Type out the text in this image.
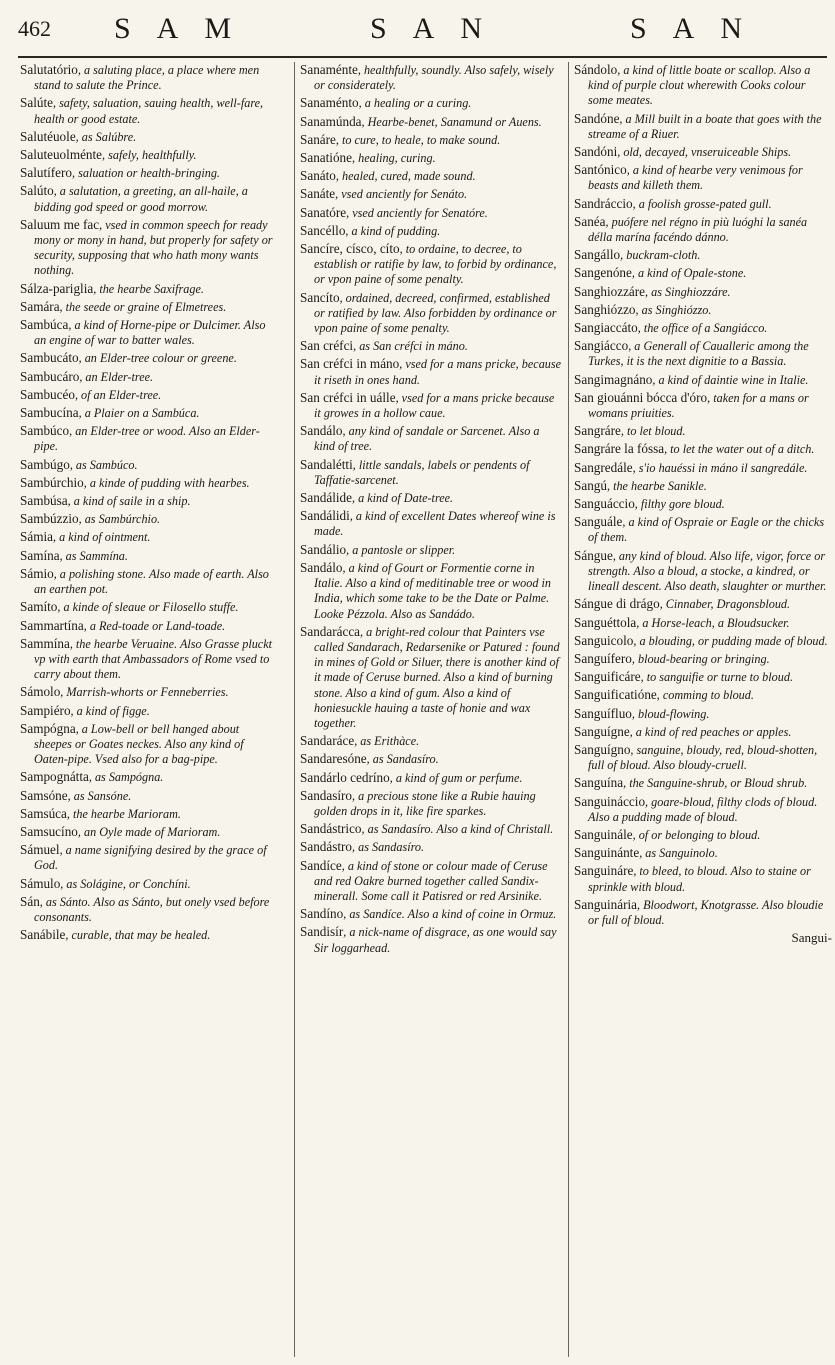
462 SAM	SAN	SAN
Salutatório, a saluting place, a place where men stand to salute the Prince.
Salúte, safety, saluation, sauing health, well-fare, health or good estate.
Salutéuole, as Salúbre.
Saluteuolménte, safely, healthfully.
Salutífero, saluation or health-bringing.
Salúto, a salutation, a greeting, an all-haile, a bidding god speed or good morrow.
Saluum me fac, vsed in common speech for ready mony or mony in hand, but properly for safety or security, supposing that who hath mony wants nothing.
Sálza-pariglia, the hearbe Saxifrage.
Samára, the seede or graine of Elmetrees.
Sambúca, a kind of Horne-pipe or Dulcimer. Also an engine of war to batter wales.
Sambucáto, an Elder-tree colour or greene.
Sambucáro, an Elder-tree.
Sambucéo, of an Elder-tree.
Sambucína, a Plaier on a Sambúca.
Sambúco, an Elder-tree or wood. Also an Elder-pipe.
Sambúgo, as Sambúco.
Sambúrchio, a kinde of pudding with hearbes.
Sambúsa, a kind of saile in a ship.
Sambúzzio, as Sambúrchio.
Sámia, a kind of ointment.
Samína, as Sammína.
Sámio, a polishing stone. Also made of earth. Also an earthen pot.
Samíto, a kinde of sleaue or Filosello stuffe.
Sammartína, a Red-toade or Land-toade.
Sammína, the hearbe Veruaine. Also Grasse pluckt vp with earth that Ambassadors of Rome vsed to carry about them.
Sámolo, Marrish-whorts or Fenneberries.
Sampiéro, a kind of figge.
Sampógna, a Low-bell or bell hanged about sheepes or Goates neckes. Also any kind of Oaten-pipe. Vsed also for a bag-pipe.
Sampognátta, as Sampógna.
Samsóne, as Sansóne.
Samsúca, the hearbe Marioram.
Samsucíno, an Oyle made of Marioram.
Sámuel, a name signifying desired by the grace of God.
Sámulo, as Solágine, or Conchíni.
Sán, as Sánto. Also as Sánto, but onely vsed before consonants.
Sanábile, curable, that may be healed.
Sanaménte, healthfully, soundly. Also safely, wisely or considerately.
Sanaménto, a healing or a curing.
Sanamúnda, Hearbe-benet, Sanamund or Auens.
Sanáre, to cure, to heale, to make sound.
Sanatióne, healing, curing.
Sanáto, healed, cured, made sound.
Sanáte, vsed anciently for Senáto.
Sanatóre, vsed anciently for Senatóre.
Sancéllo, a kind of pudding.
Sancíre, císco, cíto, to ordaine, to decree, to establish or ratifie by law, to forbid by ordinance, or vpon paine of some penalty.
Sancíto, ordained, decreed, confirmed, established or ratified by law. Also forbidden by ordinance or vpon paine of some penalty.
San créfci, as San créfci in máno.
San créfci in máno, vsed for a mans pricke, because it riseth in ones hand.
San créfci in uálle, vsed for a mans pricke because it growes in a hollow caue.
Sandálo, any kind of sandale or Sarcenet. Also a kind of tree.
Sandalétti, little sandals, labels or pendents of Taffatie-sarcenet.
Sandálide, a kind of Date-tree.
Sandálidi, a kind of excellent Dates whereof wine is made.
Sandálio, a pantosle or slipper.
Sandálo, a kind of Gourt or Formentie corne in Italie. Also a kind of meditinable tree or wood in India, which some take to be the Date or Palme. Looke Pézzola. Also as Sandádo.
Sandarácca, a bright-red colour that Painters vse called Sandarach, Redarsenike or Patured : found in mines of Gold or Siluer, there is another kind of it made of Ceruse burned. Also a kind of burning stone. Also a kind of gum. Also a kind of honiesuckle hauing a taste of honie and wax together.
Sandaráce, as Erithàce.
Sandaresóne, as Sandasíro.
Sandárlo cedríno, a kind of gum or perfume.
Sandasíro, a precious stone like a Rubie hauing golden drops in it, like fire sparkes.
Sandástrico, as Sandasíro. Also a kind of Christall.
Sandástro, as Sandasíro.
Sandíce, a kind of stone or colour made of Ceruse and red Oakre burned together called Sandix-minerall. Some call it Patisred or red Arsinike.
Sandíno, as Sandíce. Also a kind of coine in Ormuz.
Sandisír, a nick-name of disgrace, as one would say Sir loggarhead.
Sándolo, a kind of little boate or scallop. Also a kind of purple clout wherewith Cooks colour some meates.
Sandóne, a Mill built in a boate that goes with the streame of a Riuer.
Sandóni, old, decayed, vnseruiceable Ships.
Santónico, a kind of hearbe very venimous for beasts and killeth them.
Sandráccio, a foolish grosse-pated gull.
Sanéa, puófere nel régno in più luóghi la sanéa délla marína facéndo dánno.
Sangállo, buckram-cloth.
Sangenóne, a kind of Opale-stone.
Sanghiozzáre, as Singhiozzáre.
Sanghiózzo, as Singhiózzo.
Sangiaccáto, the office of a Sangiácco.
Sangiácco, a Generall of Caualleric among the Turkes, it is the next dignitie to a Bassia.
Sangimagnáno, a kind of daintie wine in Italie.
San giouánni bócca d'óro, taken for a mans or womans priuities.
Sangráre, to let bloud.
Sangráre la fóssa, to let the water out of a ditch.
Sangredále, s'io hauéssi in máno il sangredále.
Sangú, the hearbe Sanikle.
Sanguáccio, filthy gore bloud.
Sanguále, a kind of Ospraie or Eagle or the chicks of them.
Sángue, any kind of bloud. Also life, vigor, force or strength. Also a bloud, a stocke, a kindred, or lineall descent. Also death, slaughter or murther.
Sángue di drágo, Cinnaber, Dragonsbloud.
Sanguéttola, a Horse-leach, a Bloudsucker.
Sanguicolo, a blouding, or pudding made of bloud.
Sanguífero, bloud-bearing or bringing.
Sanguificáre, to sanguifie or turne to bloud.
Sanguificatióne, comming to bloud.
Sanguífluo, bloud-flowing.
Sanguígne, a kind of red peaches or apples.
Sanguígno, sanguine, bloudy, red, bloud-shotten, full of bloud. Also bloudy-cruell.
Sanguína, the Sanguine-shrub, or Bloud shrub.
Sanguináccio, goare-bloud, filthy clods of bloud. Also a pudding made of bloud.
Sanguinále, of or belonging to bloud.
Sanguinánte, as Sanguinolo.
Sanguináre, to bleed, to bloud. Also to staine or sprinkle with bloud.
Sanguinária, Bloodwort, Knotgrasse. Also bloudie or full of bloud.
Sangui-
